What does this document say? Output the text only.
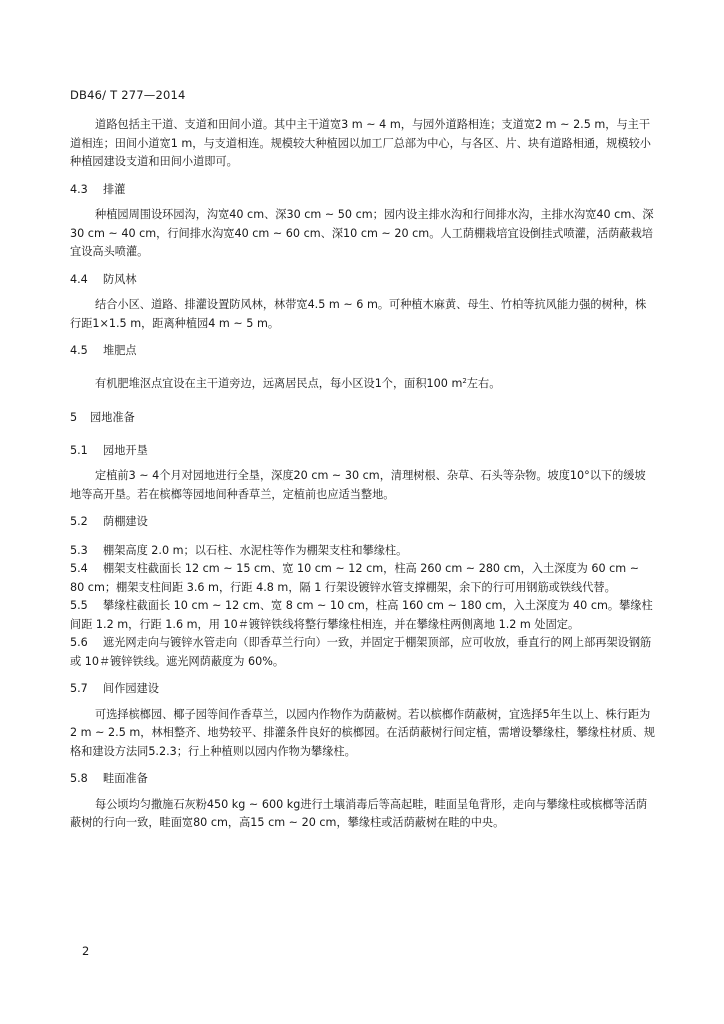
DB46/ T 277—2014

道路包括主干道、支道和田间小道。其中主干道宽3 m ~ 4 m，与园外道路相连；支道宽2 m ~ 2.5 m，与主干道相连；田间小道宽1 m，与支道相连。规模较大种植园以加工厂总部为中心，与各区、片、块有道路相通，规模较小种植园建设支道和田间小道即可。

4.3 排灌

种植园周围设环园沟，沟宽40 cm、深30 cm ~ 50 cm；园内设主排水沟和行间排水沟，主排水沟宽40 cm、深30 cm ~ 40 cm，行间排水沟宽40 cm ~ 60 cm、深10 cm ~ 20 cm。人工荫棚栽培宜设倒挂式喷灌，活荫蔽栽培宜设高头喷灌。

4.4 防风林

结合小区、道路、排灌设置防风林，林带宽4.5 m ~ 6 m。可种植木麻黄、母生、竹柏等抗风能力强的树种，株行距1×1.5 m，距离种植园4 m ~ 5 m。

4.5 堆肥点

有机肥堆沤点宜设在主干道旁边，远离居民点，每小区设1个，面积100 $m^2$左右。

5 园地准备

5.1 园地开垦

定植前3 ~ 4个月对园地进行全垦，深度20 cm ~ 30 cm，清理树根、杂草、石头等杂物。坡度10°以下的缓坡地等高开垦。若在槟榔等园地间种香草兰，定植前也应适当整地。

5.2 荫棚建设

5.3 棚架高度 2.0 m；以石柱、水泥柱等作为棚架支柱和攀缘柱。

5.4 棚架支柱截面长 12 cm ~ 15 cm、宽 10 cm ~ 12 cm，柱高 260 cm ~ 280 cm，入土深度为 60 cm ~ 80 cm；棚架支柱间距 3.6 m，行距 4.8 m，隔 1 行架设镀锌水管支撑棚架，余下的行可用钢筋或铁线代替。

5.5 攀缘柱截面长 10 cm ~ 12 cm、宽 8 cm ~ 10 cm，柱高 160 cm ~ 180 cm，入土深度为 40 cm。攀缘柱间距 1.2 m，行距 1.6 m，用 10＃镀锌铁线将整行攀缘柱相连，并在攀缘柱两侧离地 1.2 m 处固定。

5.6 遮光网走向与镀锌水管走向（即香草兰行向）一致，并固定于棚架顶部，应可收放，垂直行的网上部再架设钢筋或 10＃镀锌铁线。遮光网荫蔽度为 60%。

5.7 间作园建设

可选择槟榔园、椰子园等间作香草兰，以园内作物作为荫蔽树。若以槟榔作荫蔽树，宜选择5年生以上、株行距为2 m ~ 2.5 m，林相整齐、地势较平、排灌条件良好的槟榔园。在活荫蔽树行间定植，需增设攀缘柱，攀缘柱材质、规格和建设方法同5.2.3；行上种植则以园内作物为攀缘柱。

5.8 畦面准备

每公顷均匀撒施石灰粉450 kg ~ 600 kg进行土壤消毒后等高起畦，畦面呈龟背形，走向与攀缘柱或槟榔等活荫蔽树的行向一致，畦面宽80 cm，高15 cm ~ 20 cm，攀缘柱或活荫蔽树在畦的中央。

2
